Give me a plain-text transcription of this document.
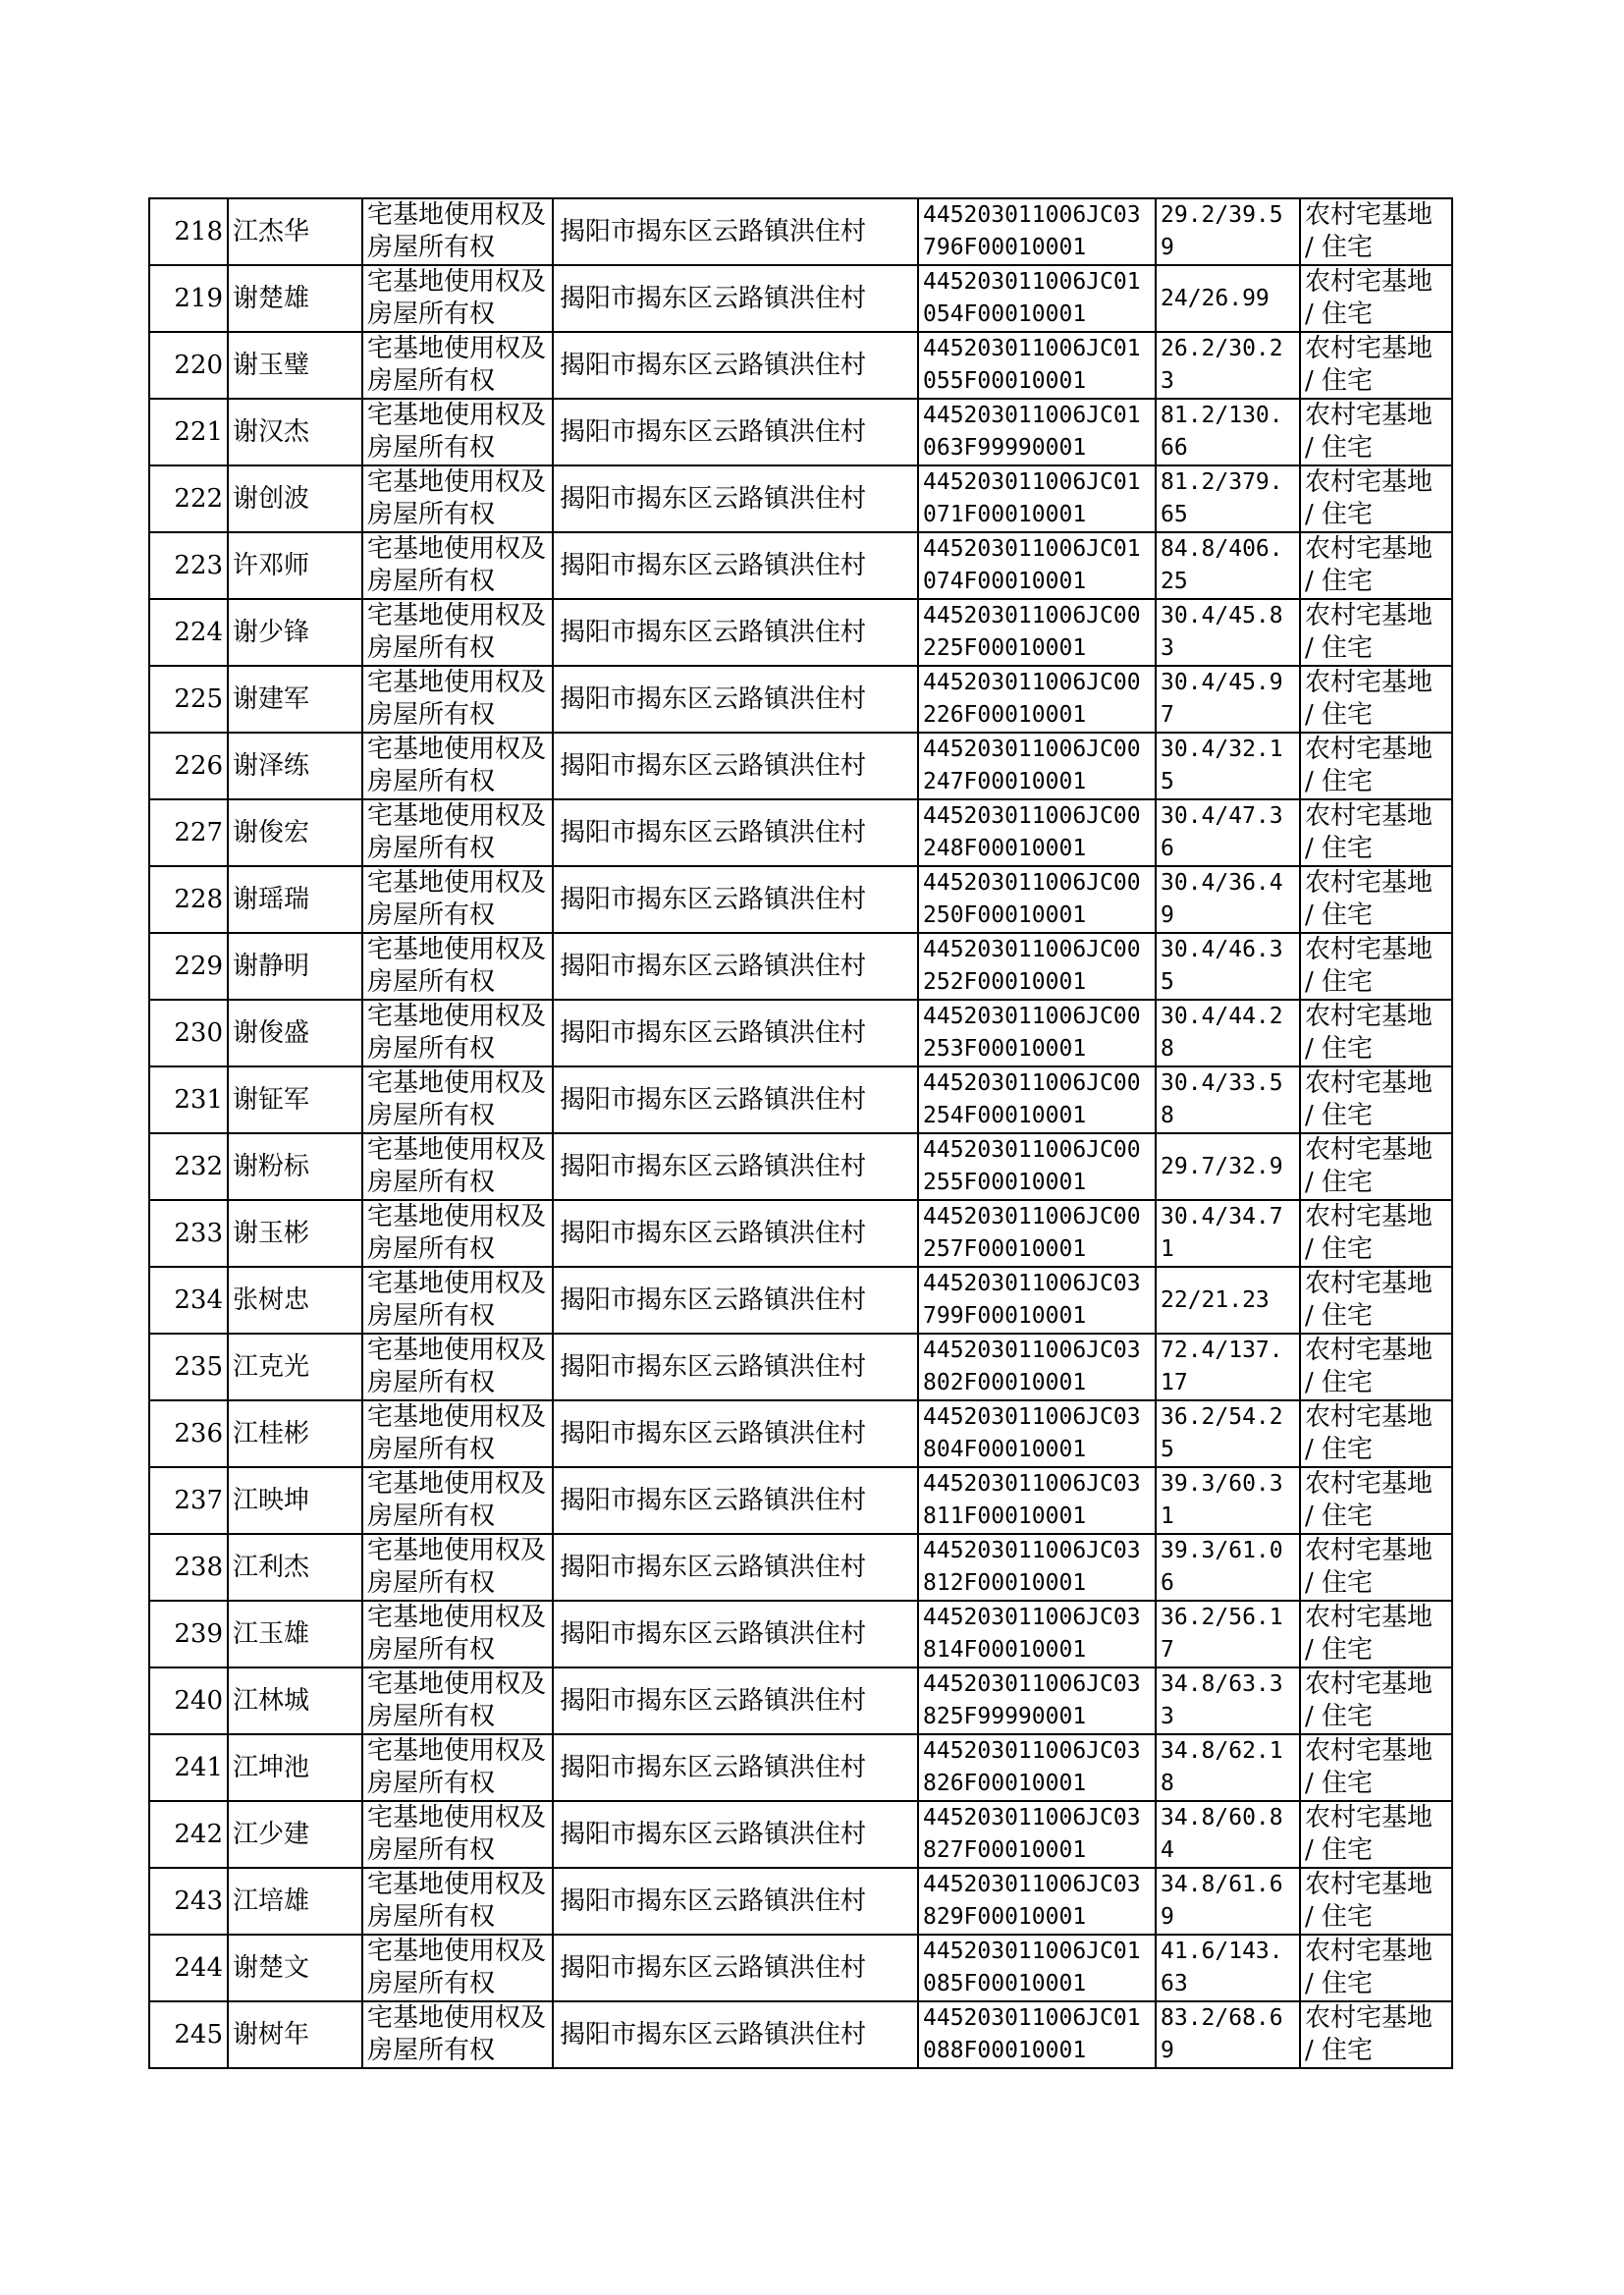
218	江杰华	宅基地使用权及房屋所有权	揭阳市揭东区云路镇洪住村	445203011006JC03796F00010001	29.2/39.59	农村宅基地 / 住宅
219	谢楚雄	宅基地使用权及房屋所有权	揭阳市揭东区云路镇洪住村	445203011006JC01054F00010001	24/26.99	农村宅基地 / 住宅
220	谢玉璧	宅基地使用权及房屋所有权	揭阳市揭东区云路镇洪住村	445203011006JC01055F00010001	26.2/30.23	农村宅基地 / 住宅
221	谢汉杰	宅基地使用权及房屋所有权	揭阳市揭东区云路镇洪住村	445203011006JC01063F99990001	81.2/130.66	农村宅基地 / 住宅
222	谢创波	宅基地使用权及房屋所有权	揭阳市揭东区云路镇洪住村	445203011006JC01071F00010001	81.2/379.65	农村宅基地 / 住宅
223	许邓师	宅基地使用权及房屋所有权	揭阳市揭东区云路镇洪住村	445203011006JC01074F00010001	84.8/406.25	农村宅基地 / 住宅
224	谢少锋	宅基地使用权及房屋所有权	揭阳市揭东区云路镇洪住村	445203011006JC00225F00010001	30.4/45.83	农村宅基地 / 住宅
225	谢建军	宅基地使用权及房屋所有权	揭阳市揭东区云路镇洪住村	445203011006JC00226F00010001	30.4/45.97	农村宅基地 / 住宅
226	谢泽练	宅基地使用权及房屋所有权	揭阳市揭东区云路镇洪住村	445203011006JC00247F00010001	30.4/32.15	农村宅基地 / 住宅
227	谢俊宏	宅基地使用权及房屋所有权	揭阳市揭东区云路镇洪住村	445203011006JC00248F00010001	30.4/47.36	农村宅基地 / 住宅
228	谢瑶瑞	宅基地使用权及房屋所有权	揭阳市揭东区云路镇洪住村	445203011006JC00250F00010001	30.4/36.49	农村宅基地 / 住宅
229	谢静明	宅基地使用权及房屋所有权	揭阳市揭东区云路镇洪住村	445203011006JC00252F00010001	30.4/46.35	农村宅基地 / 住宅
230	谢俊盛	宅基地使用权及房屋所有权	揭阳市揭东区云路镇洪住村	445203011006JC00253F00010001	30.4/44.28	农村宅基地 / 住宅
231	谢钲军	宅基地使用权及房屋所有权	揭阳市揭东区云路镇洪住村	445203011006JC00254F00010001	30.4/33.58	农村宅基地 / 住宅
232	谢粉标	宅基地使用权及房屋所有权	揭阳市揭东区云路镇洪住村	445203011006JC00255F00010001	29.7/32.9	农村宅基地 / 住宅
233	谢玉彬	宅基地使用权及房屋所有权	揭阳市揭东区云路镇洪住村	445203011006JC00257F00010001	30.4/34.71	农村宅基地 / 住宅
234	张树忠	宅基地使用权及房屋所有权	揭阳市揭东区云路镇洪住村	445203011006JC03799F00010001	22/21.23	农村宅基地 / 住宅
235	江克光	宅基地使用权及房屋所有权	揭阳市揭东区云路镇洪住村	445203011006JC03802F00010001	72.4/137.17	农村宅基地 / 住宅
236	江桂彬	宅基地使用权及房屋所有权	揭阳市揭东区云路镇洪住村	445203011006JC03804F00010001	36.2/54.25	农村宅基地 / 住宅
237	江映坤	宅基地使用权及房屋所有权	揭阳市揭东区云路镇洪住村	445203011006JC03811F00010001	39.3/60.31	农村宅基地 / 住宅
238	江利杰	宅基地使用权及房屋所有权	揭阳市揭东区云路镇洪住村	445203011006JC03812F00010001	39.3/61.06	农村宅基地 / 住宅
239	江玉雄	宅基地使用权及房屋所有权	揭阳市揭东区云路镇洪住村	445203011006JC03814F00010001	36.2/56.17	农村宅基地 / 住宅
240	江林城	宅基地使用权及房屋所有权	揭阳市揭东区云路镇洪住村	445203011006JC03825F99990001	34.8/63.33	农村宅基地 / 住宅
241	江坤池	宅基地使用权及房屋所有权	揭阳市揭东区云路镇洪住村	445203011006JC03826F00010001	34.8/62.18	农村宅基地 / 住宅
242	江少建	宅基地使用权及房屋所有权	揭阳市揭东区云路镇洪住村	445203011006JC03827F00010001	34.8/60.84	农村宅基地 / 住宅
243	江培雄	宅基地使用权及房屋所有权	揭阳市揭东区云路镇洪住村	445203011006JC03829F00010001	34.8/61.69	农村宅基地 / 住宅
244	谢楚文	宅基地使用权及房屋所有权	揭阳市揭东区云路镇洪住村	445203011006JC01085F00010001	41.6/143.63	农村宅基地 / 住宅
245	谢树年	宅基地使用权及房屋所有权	揭阳市揭东区云路镇洪住村	445203011006JC01088F00010001	83.2/68.69	农村宅基地 / 住宅
